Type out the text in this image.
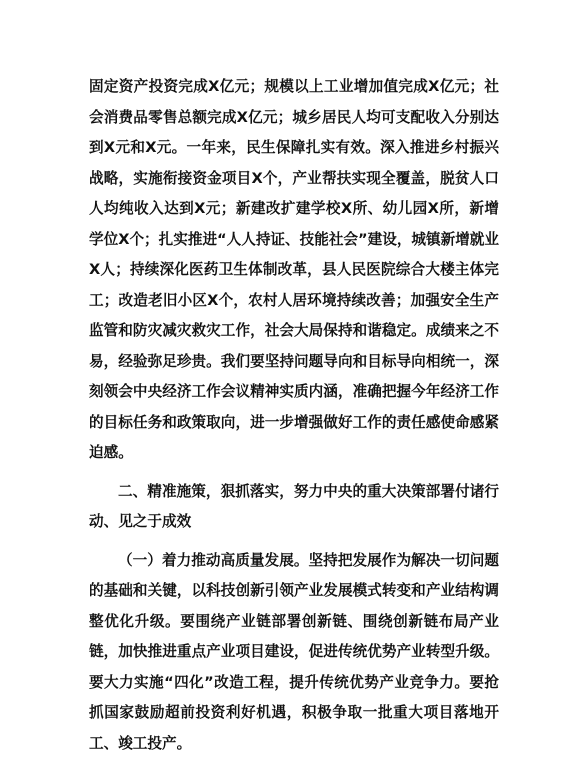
固定资产投资完成X亿元；规模以上工业增加值完成X亿元；社会消费品零售总额完成X亿元；城乡居民人均可支配收入分别达到X元和X元。一年来，民生保障扎实有效。深入推进乡村振兴战略，实施衔接资金项目X个，产业帮扶实现全覆盖，脱贫人口人均纯收入达到X元；新建改扩建学校X所、幼儿园X所，新增学位X个；扎实推进“人人持证、技能社会”建设，城镇新增就业X人；持续深化医药卫生体制改革，县人民医院综合大楼主体完工；改造老旧小区X个，农村人居环境持续改善；加强安全生产监管和防灾减灾救灾工作，社会大局保持和谐稳定。成绩来之不易，经验弥足珍贵。我们要坚持问题导向和目标导向相统一，深刻领会中央经济工作会议精神实质内涵，准确把握今年经济工作的目标任务和政策取向，进一步增强做好工作的责任感使命感紧迫感。

二、精准施策，狠抓落实，努力中央的重大决策部署付诸行动、见之于成效

（一）着力推动高质量发展。坚持把发展作为解决一切问题的基础和关键，以科技创新引领产业发展模式转变和产业结构调整优化升级。要围绕产业链部署创新链、围绕创新链布局产业链，加快推进重点产业项目建设，促进传统优势产业转型升级。要大力实施“四化”改造工程，提升传统优势产业竞争力。要抢抓国家鼓励超前投资利好机遇，积极争取一批重大项目落地开工、竣工投产。
